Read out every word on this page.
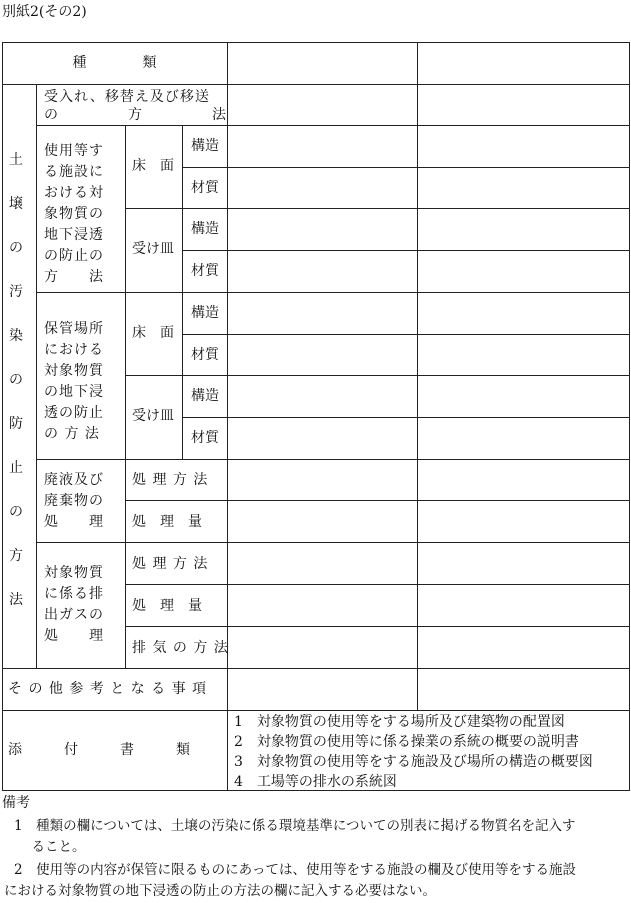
別紙2(その2)
種　　　　類
土壌の汚染の防止の方法
受入れ、移替え及び移送
の　　　　　方　　　　　法
使用等す
る施設に
おける対
象物質の
地下浸透
の防止の
方　　法
床　面
受け皿
構造
材質
構造
材質
保管場所
における
対象物質
の地下浸
透の防止
の 方 法
床　面
受け皿
構造
材質
構造
材質
廃液及び
廃棄物の
処　　理
処 理 方 法
処　理　量
対象物質
に係る排
出ガスの
処　　理
処 理 方 法
処　理　量
排 気 の 方 法
そ の 他 参 考 と な る 事 項
添　　　付　　　書　　　類
1　対象物質の使用等をする場所及び建築物の配置図
2　対象物質の使用等に係る操業の系統の概要の説明書
3　対象物質の使用等をする施設及び場所の構造の概要図
4　工場等の排水の系統図
備考
1　種類の欄については、土壌の汚染に係る環境基準についての別表に掲げる物質名を記入す
　ること。
2　使用等の内容が保管に限るものにあっては、使用等をする施設の欄及び使用等をする施設
における対象物質の地下浸透の防止の方法の欄に記入する必要はない。
